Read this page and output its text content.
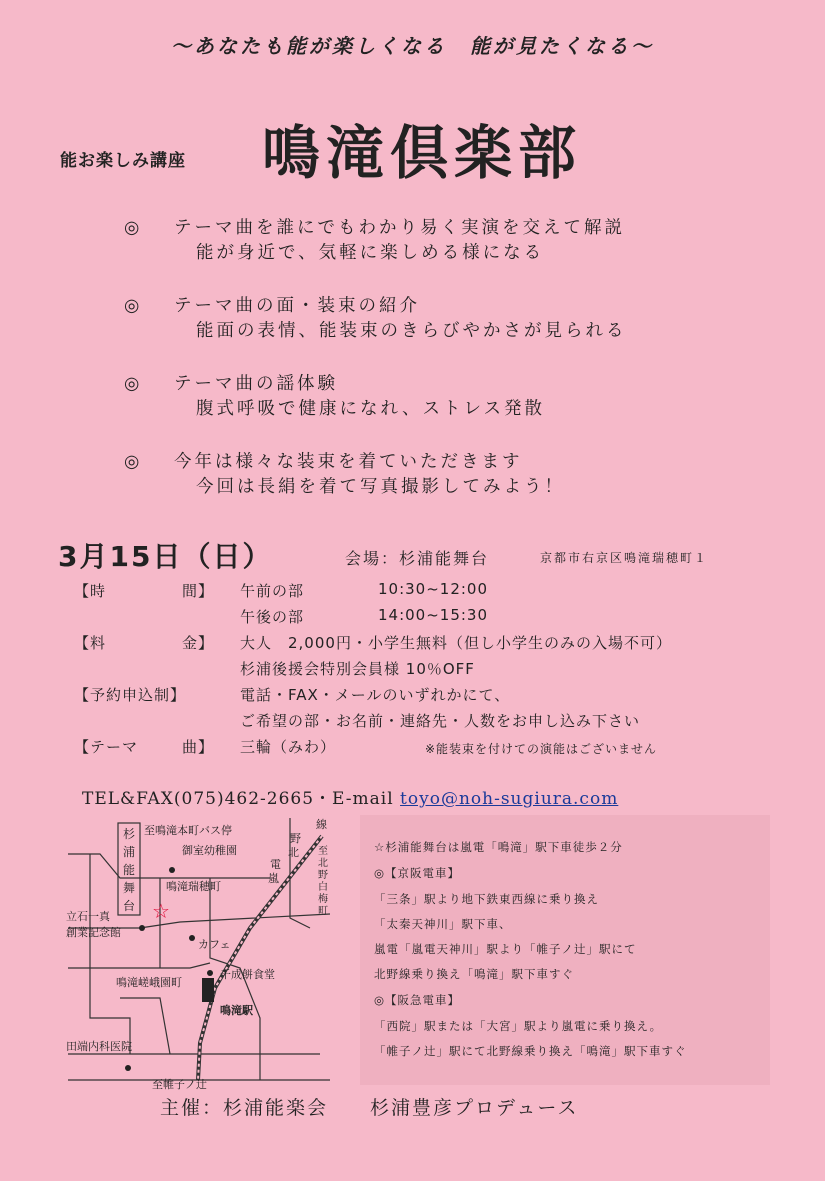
～あなたも能が楽しくなる　能が見たくなる～
能お楽しみ講座 鳴滝倶楽部
◎ テーマ曲を誰にでもわかり易く実演を交えて解説
能が身近で、気軽に楽しめる様になる
◎ テーマ曲の面・装束の紹介
能面の表情、能装束のきらびやかさが見られる
◎ テーマ曲の謡体験
腹式呼吸で健康になれ、ストレス発散
◎ 今年は様々な装束を着ていただきます
今回は長絹を着て写真撮影してみよう！
3月15日（日）	会場：杉浦能舞台	京都市右京区鳴滝瑞穂町１
【時	間】 午前の部	10:30~12:00
午後の部	14:00~15:30
【料	金】 大人　2,000円・小学生無料（但し小学生のみの入場不可）
杉浦後援会特別会員様 10％OFF
【予約申込制】	電話・FAX・メールのいずれかにて、
ご希望の部・お名前・連絡先・人数をお申し込み下さい
【テーマ	曲】 三輪（みわ）	※能装束を付けての演能はございません
TEL&FAX(075)462-2665・E-mail toyo@noh-sugiura.com
☆
至鳴滝本町バス停
御室幼稚園
鳴滝瑞穂町
立石一真
創業記念館
カフェ
鳴滝嵯峨園町
千成餅食堂
鳴滝駅
田端内科医院
至帷子ノ辻
線
野
北
電
嵐
杉
浦
能
舞
台
至
北
野
白
梅
町
☆杉浦能舞台は嵐電「鳴滝」駅下車徒歩２分
◎【京阪電車】
「三条」駅より地下鉄東西線に乗り換え
「太秦天神川」駅下車、
嵐電「嵐電天神川」駅より「帷子ノ辻」駅にて
北野線乗り換え「鳴滝」駅下車すぐ
◎【阪急電車】
「西院」駅または「大宮」駅より嵐電に乗り換え。
「帷子ノ辻」駅にて北野線乗り換え「鳴滝」駅下車すぐ
主催：杉浦能楽会　　杉浦豊彦プロデュース
